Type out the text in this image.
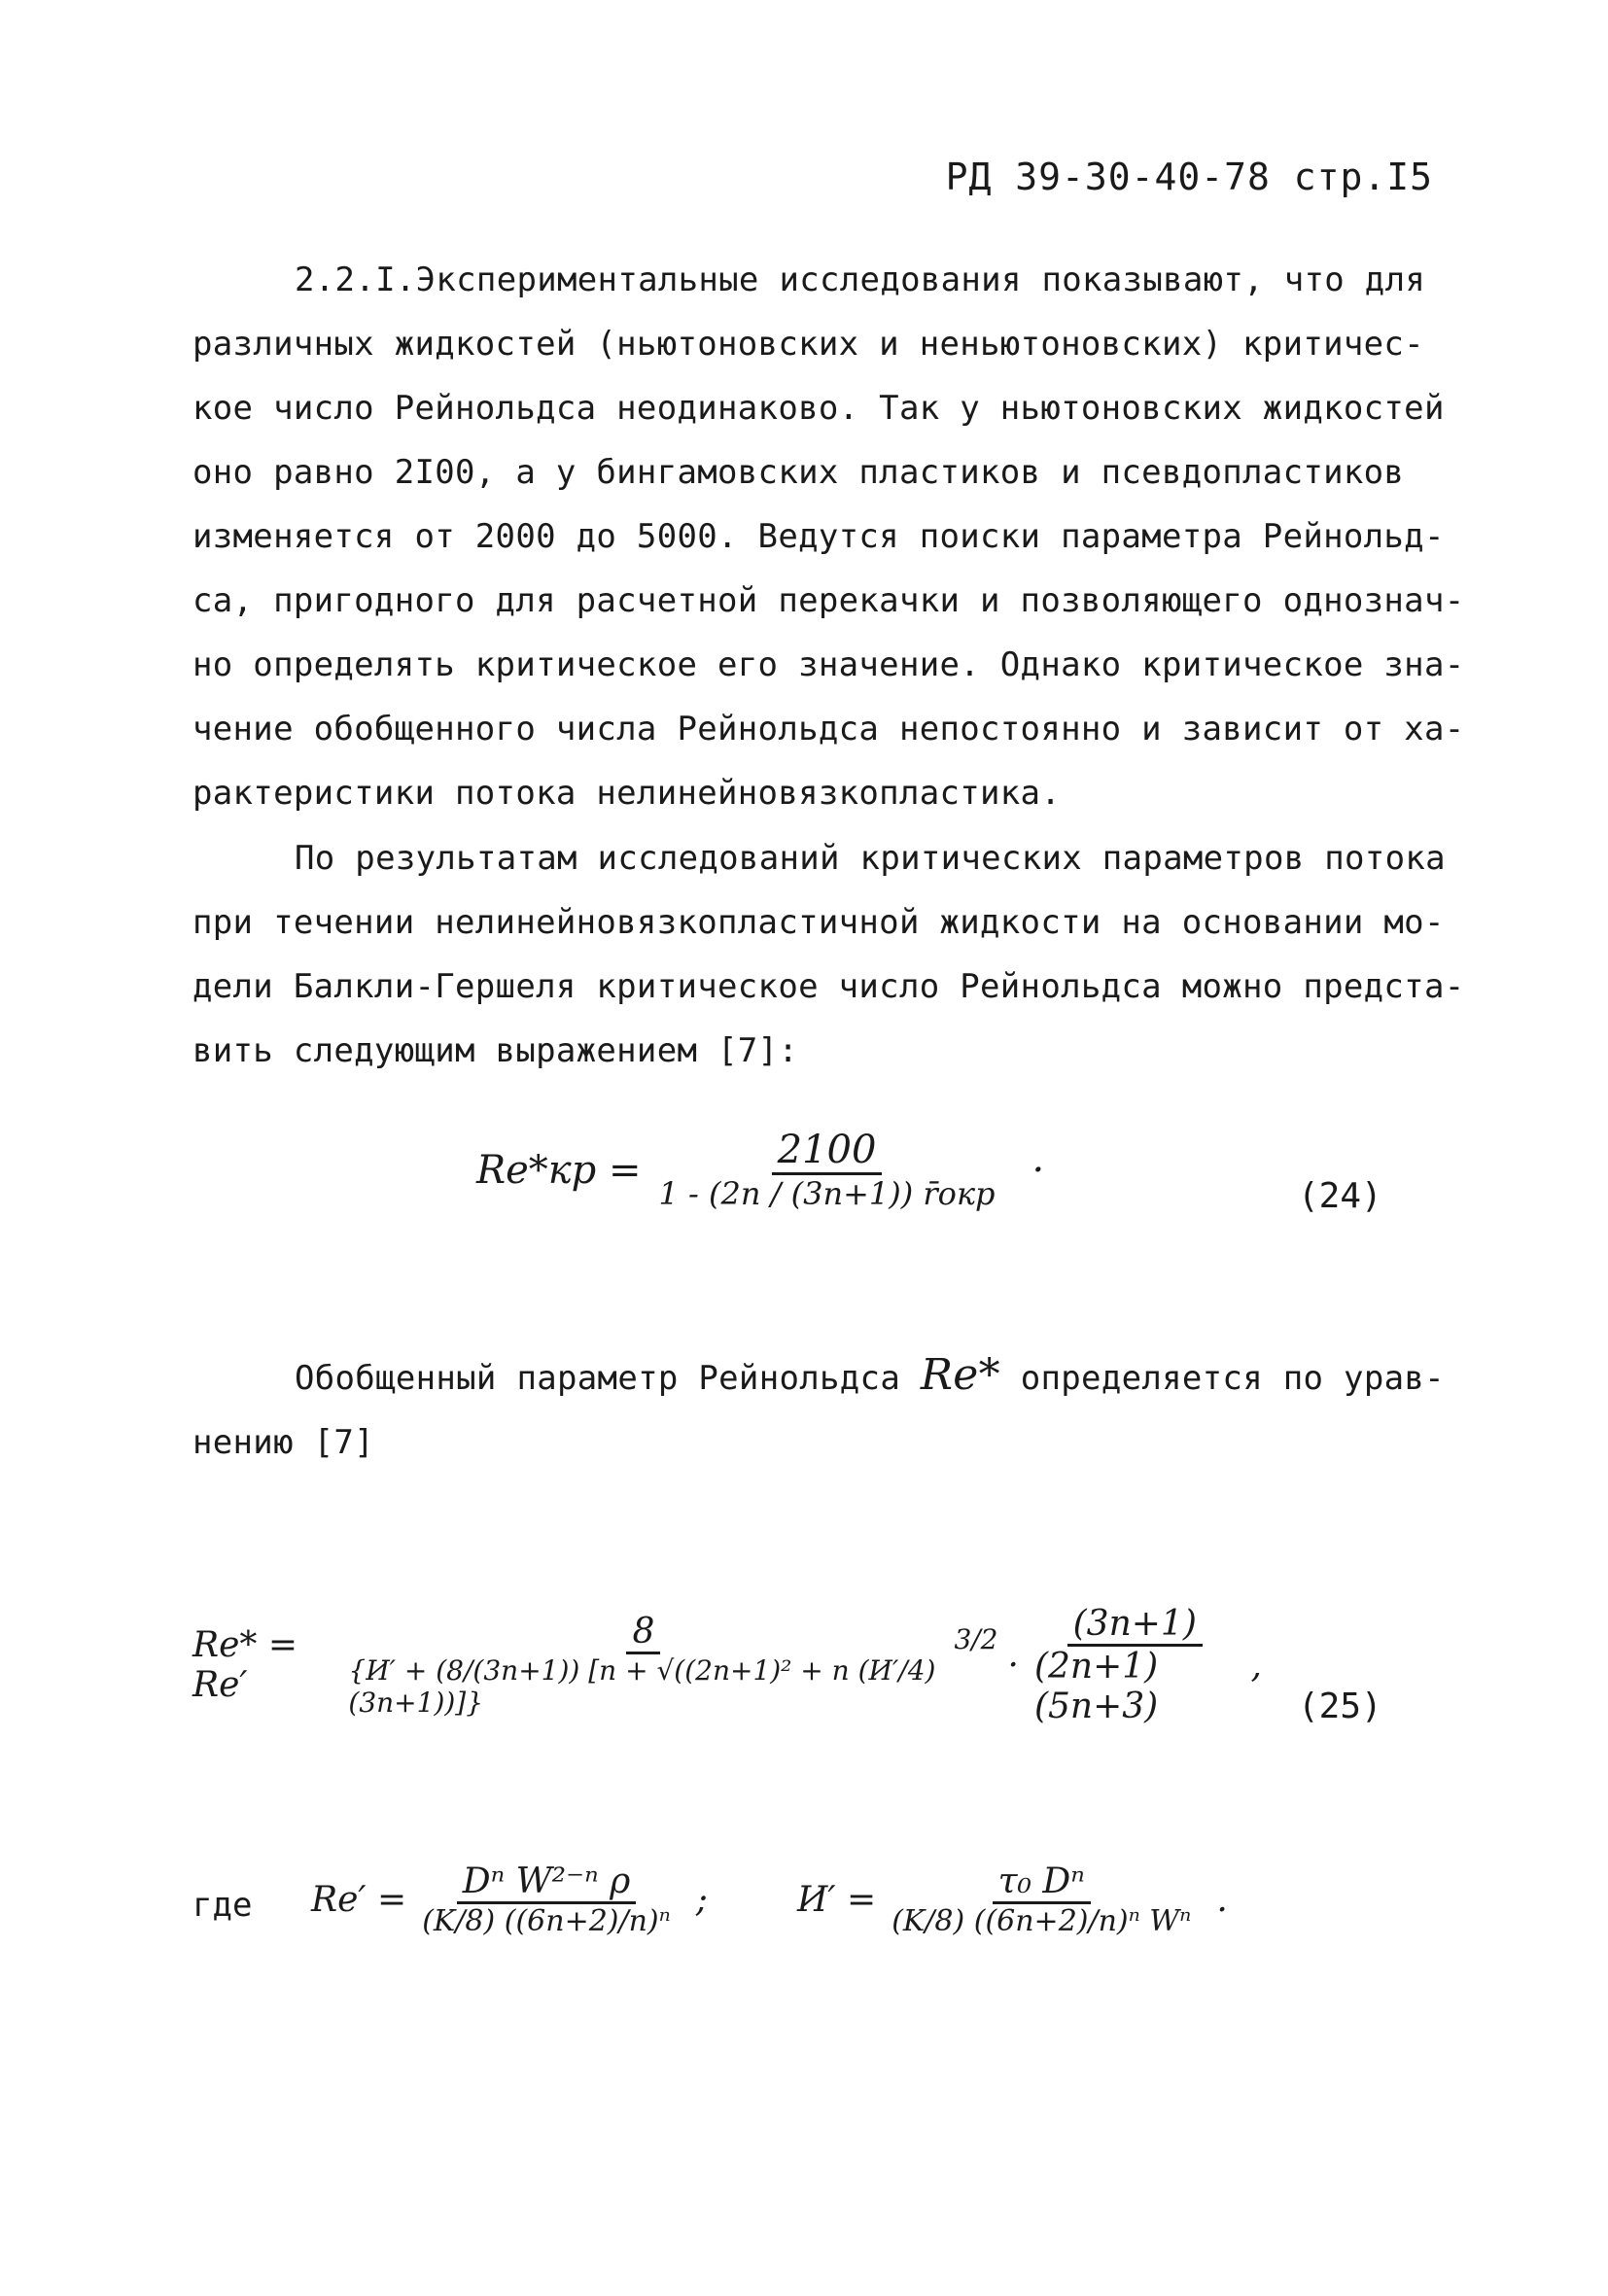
РД 39-30-40-78 стр.I5
2.2.I.Экспериментальные исследования показывают, что для
различных жидкостей (ньютоновских и неньютоновских) критичес-
кое число Рейнольдса неодинаково. Так у ньютоновских жидкостей
оно равно 2I00, а у бингамовских пластиков и псевдопластиков
изменяется от 2000 до 5000. Ведутся поиски параметра Рейнольд-
са, пригодного для расчетной перекачки и позволяющего однознач-
но определять критическое его значение. Однако критическое зна-
чение обобщенного числа Рейнольдса непостоянно и зависит от ха-
рактеристики потока нелинейновязкопластика.
По результатам исследований критических параметров потока
при течении нелинейновязкопластичной жидкости на основании мо-
дели Балкли-Гершеля критическое число Рейнольдса можно предста-
вить следующим выражением [7]:
$Re*кр = \frac{2100}{\text{1 - (2n / (3n+1)) r̄oкр}}$ ·
(24)
Обобщенный параметр Рейнольдса Re* определяется по урав-
нению [7]
Re* = Re′	$\frac{8}{\text{\{И′ + (8/(3n+1)) [n + √((2n+1)² + n (И′/4)(3n+1))]\}}} 3/2$
· $\frac{(3n+1)}{(2n+1)(5n+3)}$ ,
(25)
где $Re' = \frac{\text{Dⁿ W²⁻ⁿ ρ}}{\text{(K/8) ((6n+2)/n)ⁿ}}$ ;	$И' = \frac{\text{τ₀ Dⁿ}}{\text{(K/8) ((6n+2)/n)ⁿ Wⁿ}}$ .
